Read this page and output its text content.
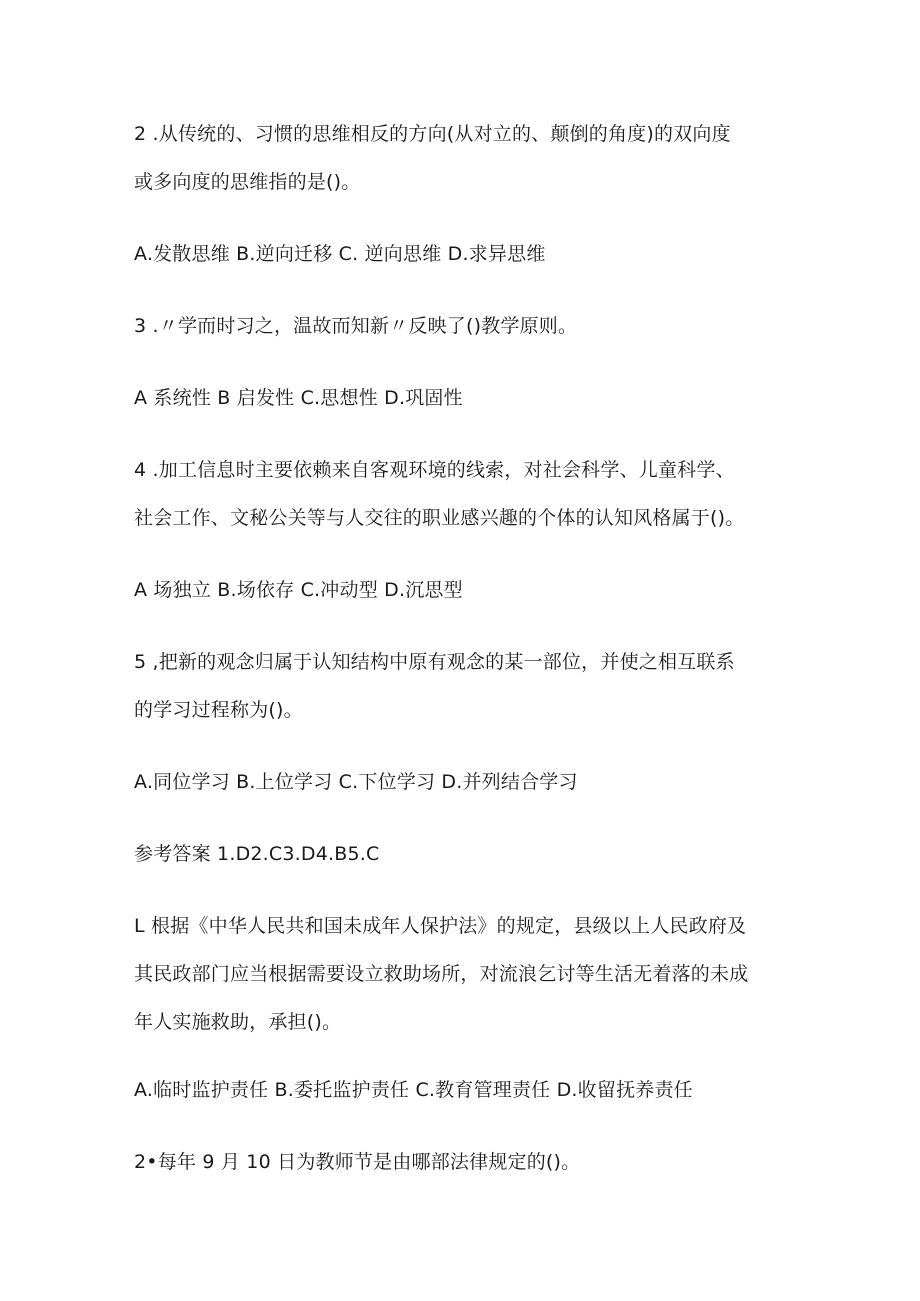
2 .从传统的、习惯的思维相反的方向(从对立的、颠倒的角度)的双向度
或多向度的思维指的是()。
A.发散思维 B.逆向迁移 C. 逆向思维 D.求异思维
3 .〃学而时习之，温故而知新〃反映了()教学原则。
A 系统性 B 启发性 C.思想性 D.巩固性
4 .加工信息时主要依赖来自客观环境的线索，对社会科学、儿童科学、
社会工作、文秘公关等与人交往的职业感兴趣的个体的认知风格属于()。
A 场独立 B.场依存 C.冲动型 D.沉思型
5 ,把新的观念归属于认知结构中原有观念的某一部位，并使之相互联系
的学习过程称为()。
A.同位学习 B.上位学习 C.下位学习 D.并列结合学习
参考答案 1.D2.C3.D4.B5.C
L 根据《中华人民共和国未成年人保护法》的规定，县级以上人民政府及
其民政部门应当根据需要设立救助场所，对流浪乞讨等生活无着落的未成
年人实施救助，承担()。
A.临时监护责任 B.委托监护责任 C.教育管理责任 D.收留抚养责任
2•每年 9 月 10 日为教师节是由哪部法律规定的()。
